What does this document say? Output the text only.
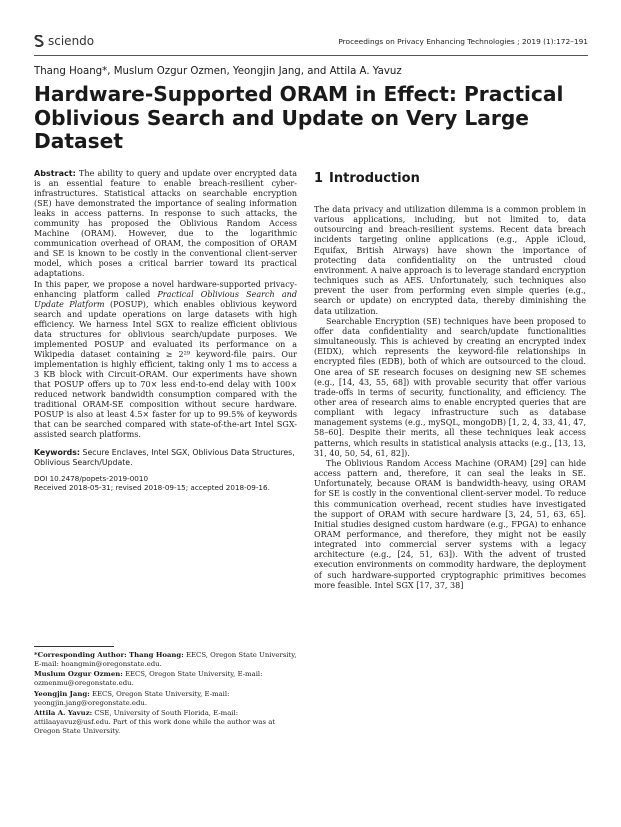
sciendo	Proceedings on Privacy Enhancing Technologies ; 2019 (1):172–191
Thang Hoang*, Muslum Ozgur Ozmen, Yeongjin Jang, and Attila A. Yavuz
Hardware-Supported ORAM in Effect: Practical Oblivious Search and Update on Very Large Dataset

Abstract: The ability to query and update over encrypted data is an essential feature to enable breach-resilient cyber-infrastructures. Statistical attacks on searchable encryption (SE) have demonstrated the importance of sealing information leaks in access patterns. In response to such attacks, the community has proposed the Oblivious Random Access Machine (ORAM). However, due to the logarithmic communication overhead of ORAM, the composition of ORAM and SE is known to be costly in the conventional client-server model, which poses a critical barrier toward its practical adaptations.

In this paper, we propose a novel hardware-supported privacy-enhancing platform called Practical Oblivious Search and Update Platform (POSUP), which enables oblivious keyword search and update operations on large datasets with high efficiency. We harness Intel SGX to realize efficient oblivious data structures for oblivious search/update purposes. We implemented POSUP and evaluated its performance on a Wikipedia dataset containing ≥ 2²⁹ keyword-file pairs. Our implementation is highly efficient, taking only 1 ms to access a 3 KB block with Circuit-ORAM. Our experiments have shown that POSUP offers up to 70× less end-to-end delay with 100× reduced network bandwidth consumption compared with the traditional ORAM-SE composition without secure hardware. POSUP is also at least 4.5× faster for up to 99.5% of keywords that can be searched compared with state-of-the-art Intel SGX-assisted search platforms.

Keywords: Secure Enclaves, Intel SGX, Oblivious Data Structures, Oblivious Search/Update.

DOI 10.2478/popets-2019-0010

Received 2018-05-31; revised 2018-09-15; accepted 2018-09-16.

*Corresponding Author: Thang Hoang: EECS, Oregon State University, E-mail: hoangmin@oregonstate.edu.

Muslum Ozgur Ozmen: EECS, Oregon State University, E-mail: ozmenmu@oregonstate.edu.

Yeongjin Jang: EECS, Oregon State University, E-mail: yeongjin.jang@oregonstate.edu.

Attila A. Yavuz: CSE, University of South Florida, E-mail: attilaayavuz@usf.edu. Part of this work done while the author was at Oregon State University.

1 Introduction

The data privacy and utilization dilemma is a common problem in various applications, including, but not limited to, data outsourcing and breach-resilient systems. Recent data breach incidents targeting online applications (e.g., Apple iCloud, Equifax, British Airways) have shown the importance of protecting data confidentiality on the untrusted cloud environment. A naive approach is to leverage standard encryption techniques such as AES. Unfortunately, such techniques also prevent the user from performing even simple queries (e.g., search or update) on encrypted data, thereby diminishing the data utilization.

Searchable Encryption (SE) techniques have been proposed to offer data confidentiality and search/update functionalities simultaneously. This is achieved by creating an encrypted index (EIDX), which represents the keyword-file relationships in encrypted files (EDB), both of which are outsourced to the cloud. One area of SE research focuses on designing new SE schemes (e.g., [14, 43, 55, 68]) with provable security that offer various trade-offs in terms of security, functionality, and efficiency. The other area of research aims to enable encrypted queries that are compliant with legacy infrastructure such as database management systems (e.g., mySQL, mongoDB) [1, 2, 4, 33, 41, 47, 58–60]. Despite their merits, all these techniques leak access patterns, which results in statistical analysis attacks (e.g., [13, 13, 31, 40, 50, 54, 61, 82]).

The Oblivious Random Access Machine (ORAM) [29] can hide access pattern and, therefore, it can seal the leaks in SE. Unfortunately, because ORAM is bandwidth-heavy, using ORAM for SE is costly in the conventional client-server model. To reduce this communication overhead, recent studies have investigated the support of ORAM with secure hardware [3, 24, 51, 63, 65]. Initial studies designed custom hardware (e.g., FPGA) to enhance ORAM performance, and therefore, they might not be easily integrated into commercial server systems with a legacy architecture (e.g., [24, 51, 63]). With the advent of trusted execution environments on commodity hardware, the deployment of such hardware-supported cryptographic primitives becomes more feasible. Intel SGX [17, 37, 38]
